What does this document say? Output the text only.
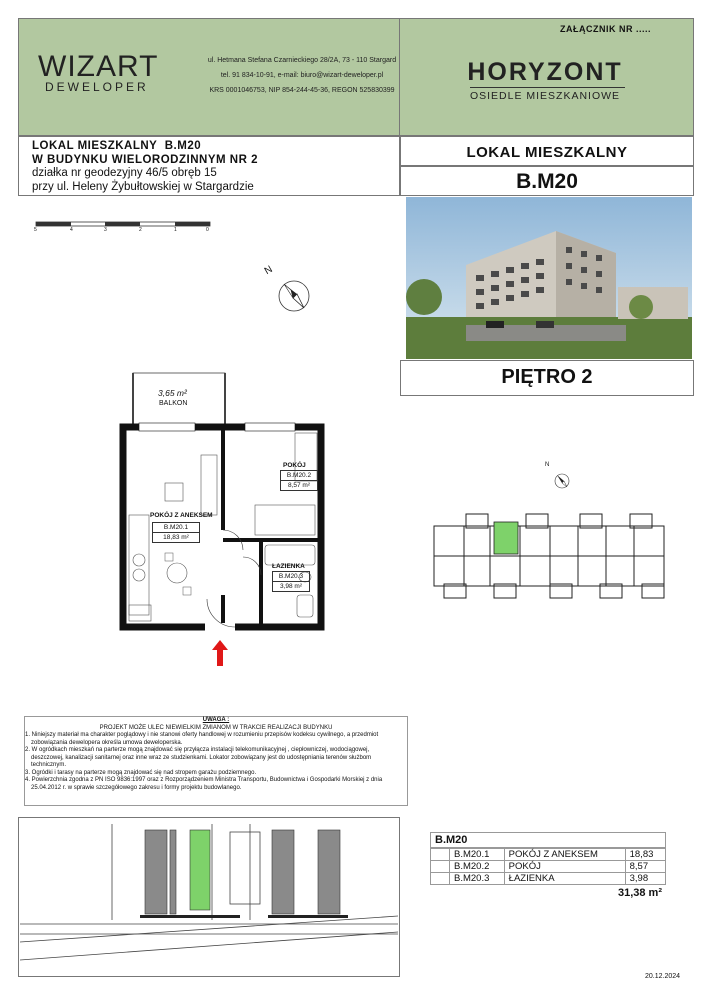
WIZART
DEWELOPER
ul. Hetmana Stefana Czarnieckiego 28/2A, 73 - 110 Stargard
tel. 91 834-10-91, e-mail: biuro@wizart-deweloper.pl
KRS 0001046753, NIP 854-244-45-36, REGON 525830399
ZAŁĄCZNIK NR .....
HORYZONT
OSIEDLE MIESZKANIOWE
LOKAL MIESZKALNY B.M20
W BUDYNKU WIELORODZINNYM NR 2
działka nr geodezyjny 46/5 obręb 15
przy ul. Heleny Żybułtowskiej w Stargardzie
5	4	3	2	1	0
N
3,65 m²
BALKON
POKÓJ Z ANEKSEM
B.M20.1
18,83 m²
POKÓJ
B.M20.2
8,57 m²
ŁAZIENKA
B.M20.3
3,98 m²
LOKAL MIESZKALNY
B.M20
PIĘTRO 2
N
UWAGA :
PROJEKT MOŻE ULEC NIEWIELKIM ZMIANOM W TRAKCIE REALIZACJI BUDYNKU
1. Niniejszy materiał ma charakter poglądowy i nie stanowi oferty handlowej w rozumieniu przepisów kodeksu cywilnego, a przedmiot
zobowiązania dewelopera określa umowa deweloperska.
2. W ogródkach mieszkań na parterze mogą znajdować się przyłącza instalacji telekomunikacyjnej , ciepłowniczej, wodociągowej,
deszczowej, kanalizacji sanitarnej oraz inne wraz ze studzienkami. Lokator zobowiązany jest do udostępniania terenów służbom
technicznym.
3. Ogródki i tarasy na parterze mogą znajdować się nad stropem garażu podziemnego.
4. Powierzchnia zgodna z PN ISO 9836:1997 oraz z Rozporządzeniem Ministra Transportu, Budownictwa i Gospodarki Morskiej z dnia
25.04.2012 r. w sprawie szczegółowego zakresu i formy projektu budowlanego.
B.M20
	B.M20.1	POKÓJ Z ANEKSEM	18,83
	B.M20.2	POKÓJ	8,57
	B.M20.3	ŁAZIENKA	3,98
31,38 m²
20.12.2024
